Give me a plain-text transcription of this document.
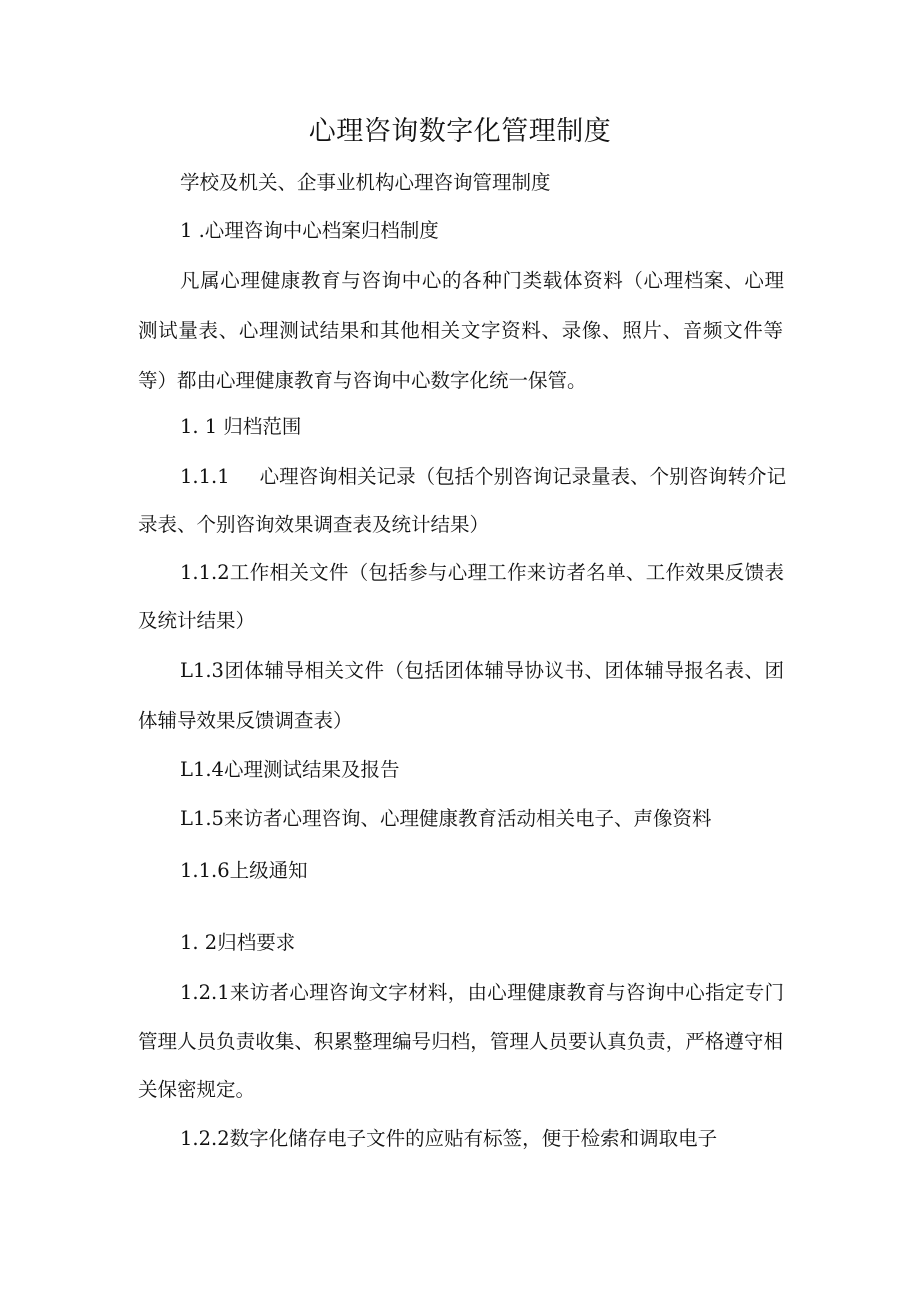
心理咨询数字化管理制度

学校及机关、企事业机构心理咨询管理制度

1 .心理咨询中心档案归档制度

凡属心理健康教育与咨询中心的各种门类载体资料（心理档案、心理

测试量表、心理测试结果和其他相关文字资料、录像、照片、音频文件等

等）都由心理健康教育与咨询中心数字化统一保管。

1. 1 归档范围

1.1.1 心理咨询相关记录（包括个别咨询记录量表、个别咨询转介记

录表、个别咨询效果调查表及统计结果）

1.1.2工作相关文件（包括参与心理工作来访者名单、工作效果反馈表

及统计结果）

L1.3团体辅导相关文件（包括团体辅导协议书、团体辅导报名表、团

体辅导效果反馈调查表）

L1.4心理测试结果及报告

L1.5来访者心理咨询、心理健康教育活动相关电子、声像资料

1.1.6上级通知

1. 2归档要求

1.2.1来访者心理咨询文字材料，由心理健康教育与咨询中心指定专门

管理人员负责收集、积累整理编号归档，管理人员要认真负责，严格遵守相

关保密规定。

1.2.2数字化储存电子文件的应贴有标签，便于检索和调取电子
